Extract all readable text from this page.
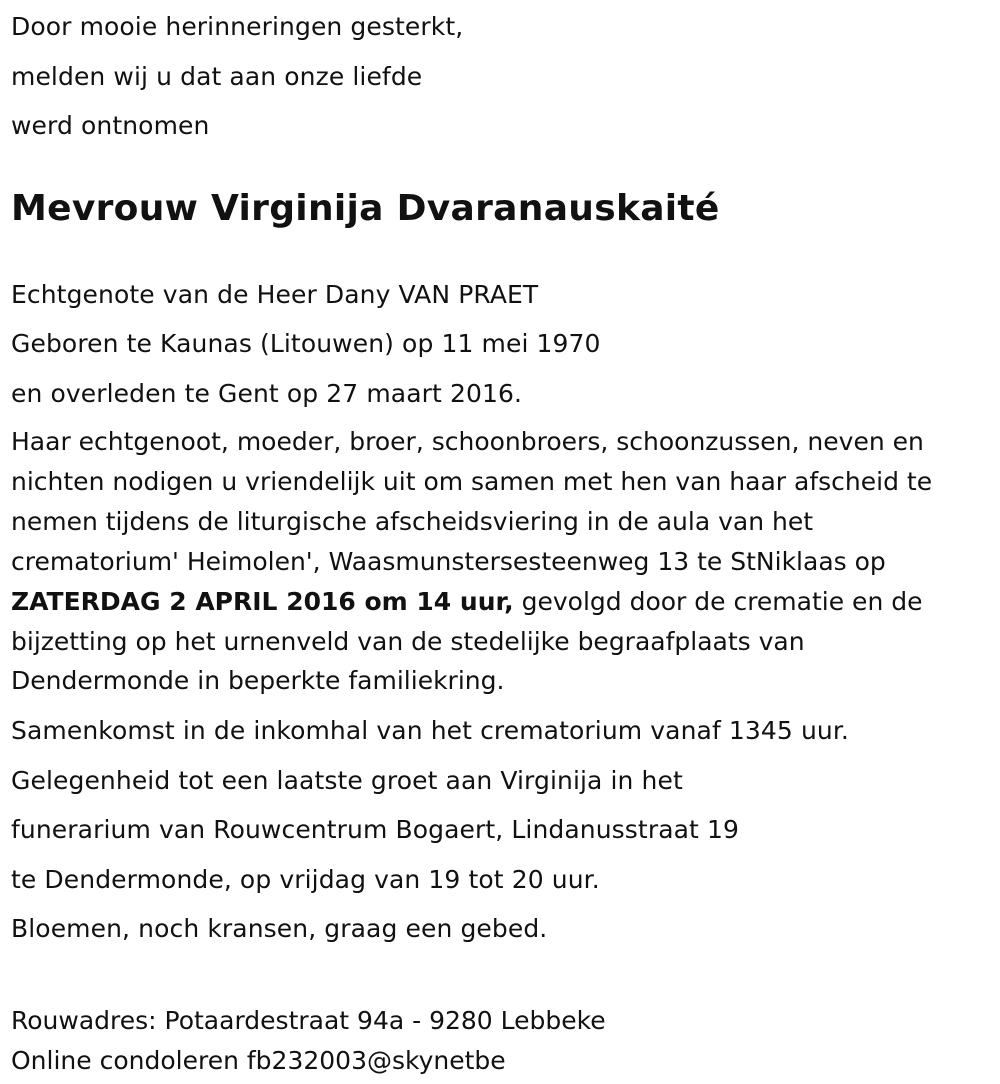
Door mooie herinneringen gesterkt,
melden wij u dat aan onze liefde
werd ontnomen
Mevrouw Virginija Dvaranauskaité
Echtgenote van de Heer Dany VAN PRAET
Geboren te Kaunas (Litouwen) op 11 mei 1970
en overleden te Gent op 27 maart 2016.
Haar echtgenoot, moeder, broer, schoonbroers, schoonzussen, neven en nichten nodigen u vriendelijk uit om samen met hen van haar afscheid te nemen tijdens de liturgische afscheidsviering in de aula van het crematorium' Heimolen', Waasmunstersesteenweg 13 te StNiklaas op ZATERDAG 2 APRIL 2016 om 14 uur, gevolgd door de crematie en de bijzetting op het urnenveld van de stedelijke begraafplaats van Dendermonde in beperkte familiekring.
Samenkomst in de inkomhal van het crematorium vanaf 1345 uur.
Gelegenheid tot een laatste groet aan Virginija in het
funerarium van Rouwcentrum Bogaert, Lindanusstraat 19
te Dendermonde, op vrijdag van 19 tot 20 uur.
Bloemen, noch kransen, graag een gebed.
Rouwadres: Potaardestraat 94a - 9280 Lebbeke
Online condoleren fb232003@skynetbe
